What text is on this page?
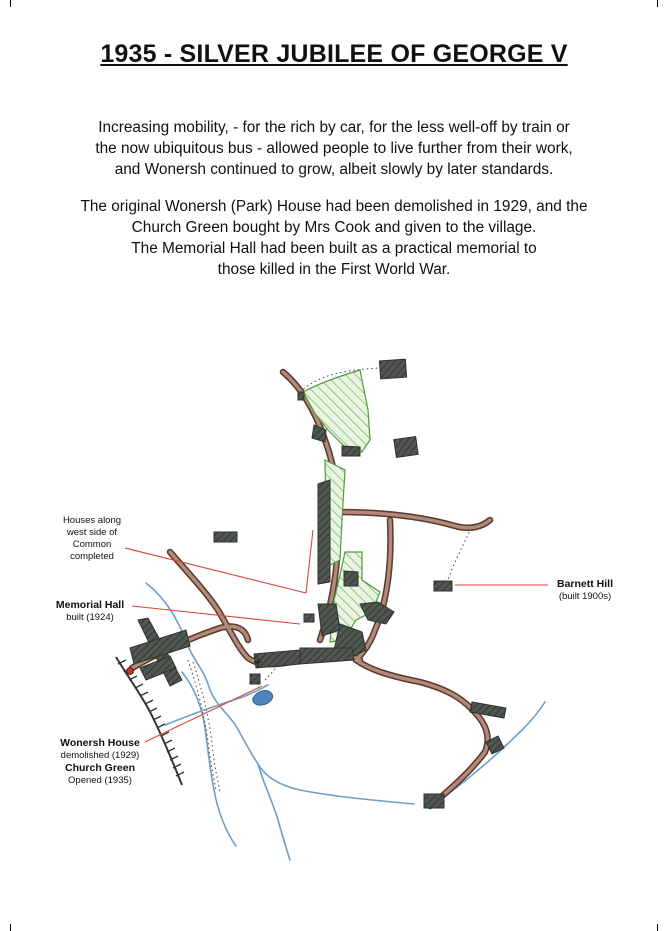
1935 - SILVER JUBILEE OF GEORGE V
Increasing mobility, - for the rich by car, for the less well-off by train or
the now ubiquitous bus - allowed people to live further from their work,
and Wonersh continued to grow, albeit slowly by later standards.
The original Wonersh (Park) House had been demolished in 1929, and the
Church Green bought by Mrs Cook and given to the village.
The Memorial Hall had been built as a practical memorial to
those killed in the First World War.
Houses along
west side of
Common
completed
Memorial Hall
built (1924)
Barnett Hill
(built 1900s)
Wonersh House
demolished (1929)
Church Green
Opened (1935)
